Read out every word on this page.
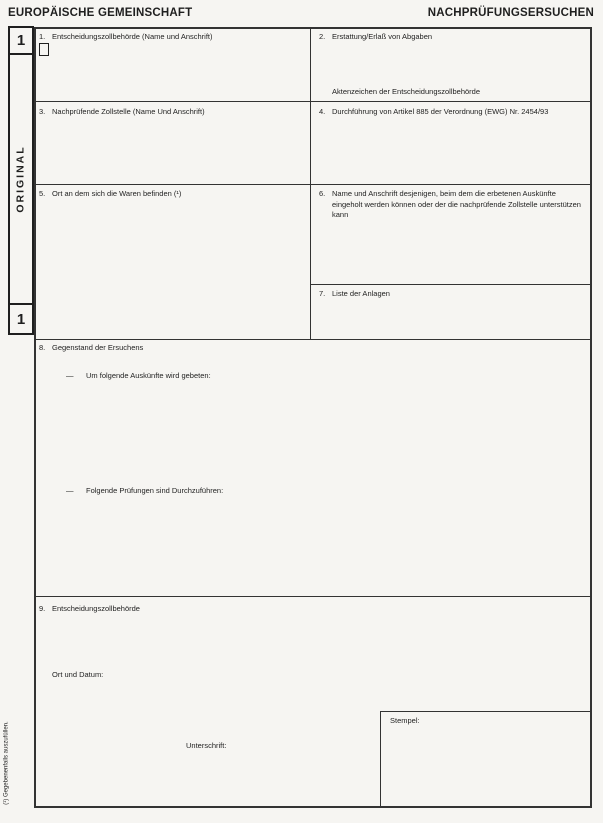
EUROPÄISCHE GEMEINSCHAFT	NACHPRÜFUNGSERSUCHEN
1
ORIGINAL
1
(¹) Gegebenenfalls auszufüllen.
1. Entscheidungszollbehörde (Name und Anschrift)	2. Erstattung/Erlaß von Abgaben
Aktenzeichen der Entscheidungszollbehörde
3. Nachprüfende Zollstelle (Name Und Anschrift)	4. Durchführung von Artikel 885 der Verordnung (EWG) Nr. 2454/93
5. Ort an dem sich die Waren befinden (¹)	6. Name und Anschrift desjenigen, beim dem die erbetenen Auskünfte eingeholt werden können oder der die nachprüfende Zollstelle unterstützen kann
7. Liste der Anlagen
8. Gegenstand der Ersuchens
—	Um folgende Auskünfte wird gebeten:
—	Folgende Prüfungen sind Durchzuführen:
9. Entscheidungszollbehörde
Ort und Datum:
Unterschrift:
Stempel:
